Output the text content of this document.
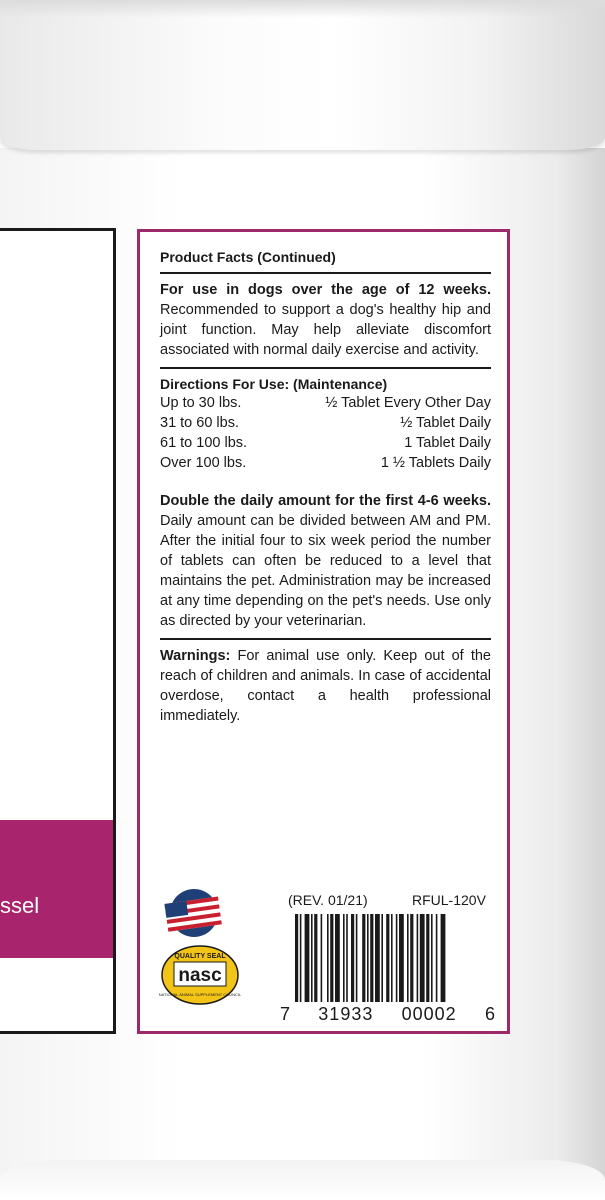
ssel
Product Facts (Continued)

For use in dogs over the age of 12 weeks. Recommended to support a dog's healthy hip and joint function. May help alleviate discomfort associated with normal daily exercise and activity.

Directions For Use: (Maintenance)
Up to 30 lbs.	½ Tablet Every Other Day
31 to 60 lbs.	½ Tablet Daily
61 to 100 lbs.	1 Tablet Daily
Over 100 lbs.	1 ½ Tablets Daily

Double the daily amount for the first 4-6 weeks. Daily amount can be divided between AM and PM. After the initial four to six week period the number of tablets can often be reduced to a level that maintains the pet. Administration may be increased at any time depending on the pet's needs. Use only as directed by your veterinarian.

Warnings: For animal use only. Keep out of the reach of children and animals. In case of accidental overdose, contact a health professional immediately.

QUALITY SEAL
nasc
NATIONAL ANIMAL SUPPLEMENT COUNCIL
(REV. 01/21)	RFUL-120V
7 31933 00002 6
